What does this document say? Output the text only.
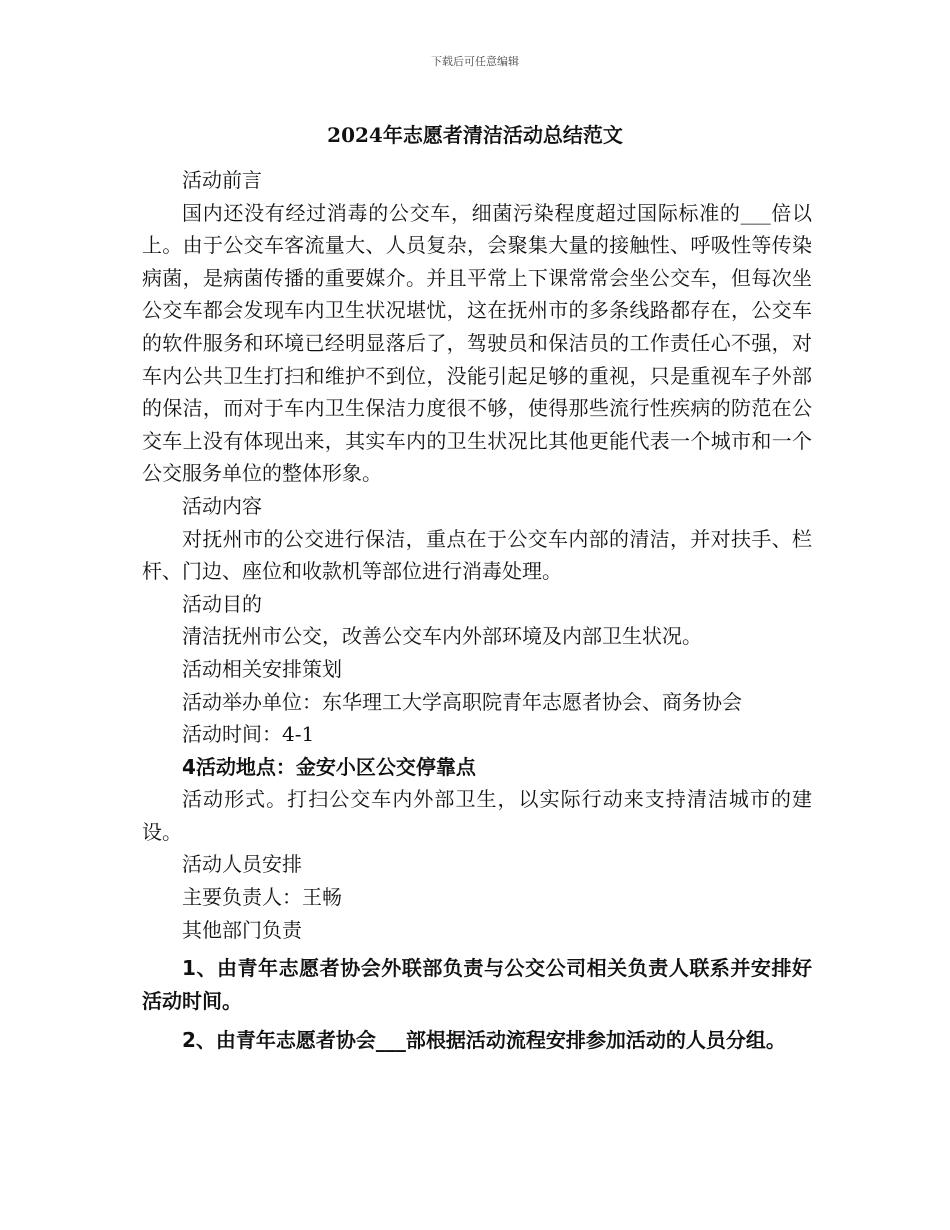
下载后可任意编辑
2024年志愿者清洁活动总结范文

活动前言

国内还没有经过消毒的公交车，细菌污染程度超过国际标准的___倍以上。由于公交车客流量大、人员复杂，会聚集大量的接触性、呼吸性等传染病菌，是病菌传播的重要媒介。并且平常上下课常常会坐公交车，但每次坐公交车都会发现车内卫生状况堪忧，这在抚州市的多条线路都存在，公交车的软件服务和环境已经明显落后了，驾驶员和保洁员的工作责任心不强，对车内公共卫生打扫和维护不到位，没能引起足够的重视，只是重视车子外部的保洁，而对于车内卫生保洁力度很不够，使得那些流行性疾病的防范在公交车上没有体现出来，其实车内的卫生状况比其他更能代表一个城市和一个公交服务单位的整体形象。

活动内容

对抚州市的公交进行保洁，重点在于公交车内部的清洁，并对扶手、栏杆、门边、座位和收款机等部位进行消毒处理。

活动目的

清洁抚州市公交，改善公交车内外部环境及内部卫生状况。

活动相关安排策划

活动举办单位：东华理工大学高职院青年志愿者协会、商务协会

活动时间：4-1

4活动地点：金安小区公交停靠点

活动形式。打扫公交车内外部卫生，以实际行动来支持清洁城市的建设。

活动人员安排

主要负责人：王畅

其他部门负责

1、由青年志愿者协会外联部负责与公交公司相关负责人联系并安排好活动时间。

2、由青年志愿者协会___部根据活动流程安排参加活动的人员分组。
